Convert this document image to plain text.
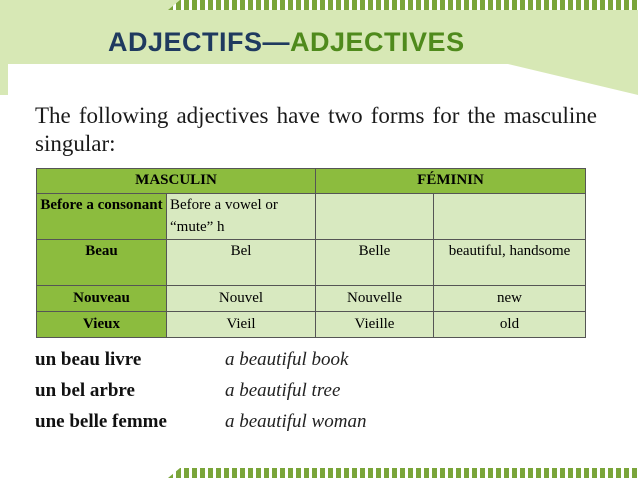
ADJECTIFS—ADJECTIVES

The following adjectives have two forms for the masculine singular:

MASCULIN		FÉMININ	
Before a consonant	Before a vowel or “mute” h		
Beau	Bel	Belle	beautiful, handsome
Nouveau	Nouvel	Nouvelle	new
Vieux	Vieil	Vieille	old
un beau livre	a beautiful book
un bel arbre	a beautiful tree
une belle femme	a beautiful woman
